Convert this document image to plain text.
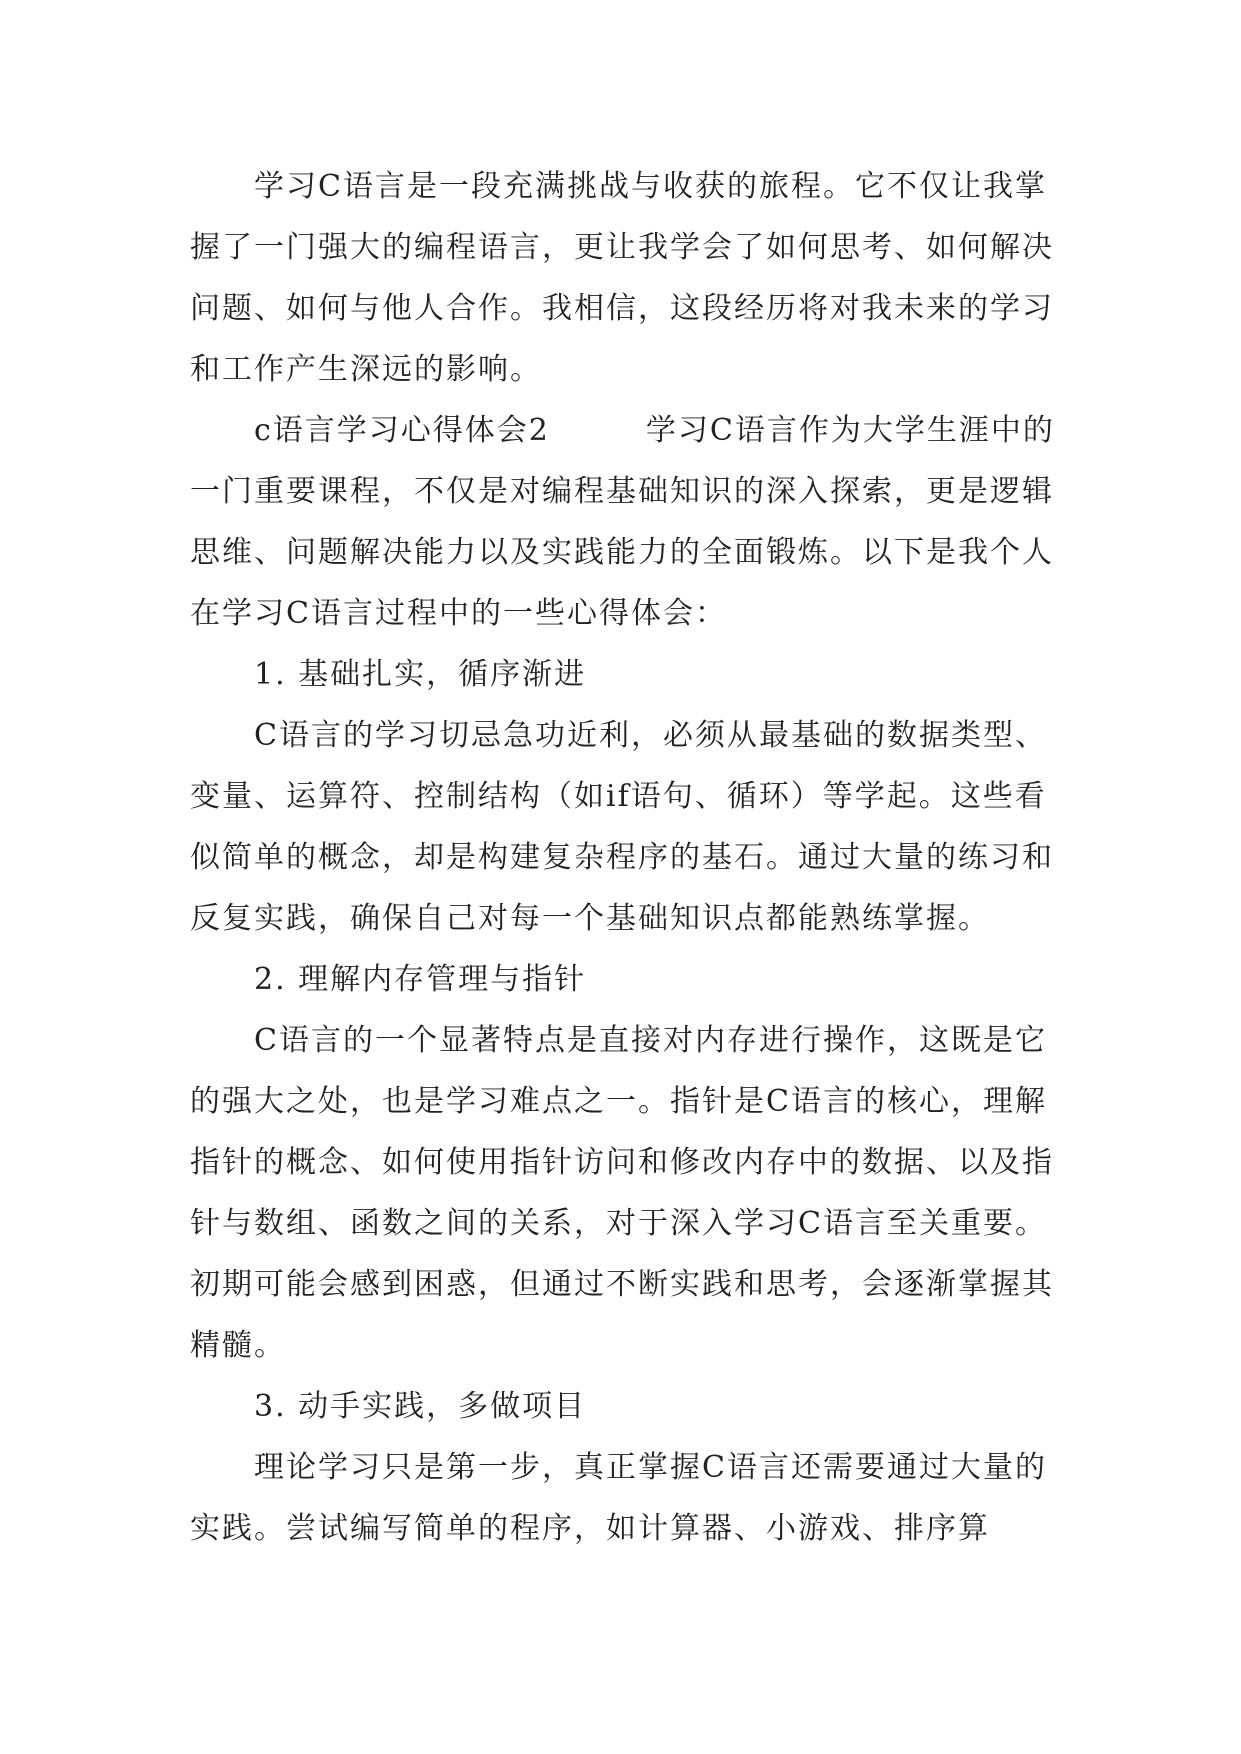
学习C语言是一段充满挑战与收获的旅程。它不仅让我掌握了一门强大的编程语言，更让我学会了如何思考、如何解决问题、如何与他人合作。我相信，这段经历将对我未来的学习和工作产生深远的影响。

c语言学习心得体会2　　　学习C语言作为大学生涯中的一门重要课程，不仅是对编程基础知识的深入探索，更是逻辑思维、问题解决能力以及实践能力的全面锻炼。以下是我个人在学习C语言过程中的一些心得体会：

1. 基础扎实，循序渐进

C语言的学习切忌急功近利，必须从最基础的数据类型、变量、运算符、控制结构（如if语句、循环）等学起。这些看似简单的概念，却是构建复杂程序的基石。通过大量的练习和反复实践，确保自己对每一个基础知识点都能熟练掌握。

2. 理解内存管理与指针

C语言的一个显著特点是直接对内存进行操作，这既是它的强大之处，也是学习难点之一。指针是C语言的核心，理解指针的概念、如何使用指针访问和修改内存中的数据、以及指针与数组、函数之间的关系，对于深入学习C语言至关重要。初期可能会感到困惑，但通过不断实践和思考，会逐渐掌握其精髓。

3. 动手实践，多做项目

理论学习只是第一步，真正掌握C语言还需要通过大量的实践。尝试编写简单的程序，如计算器、小游戏、排序算
